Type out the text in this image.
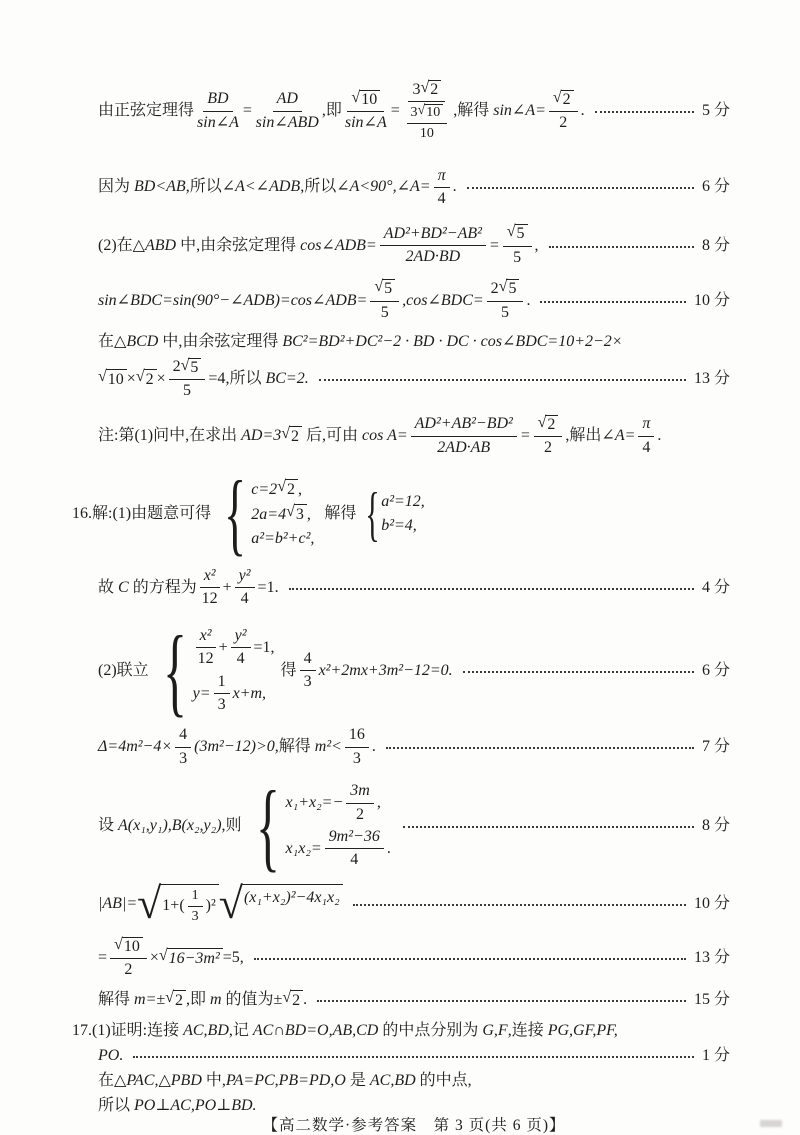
由正弦定理得 $\frac{BD}{\sin\angle A}$ =
AD
sin∠ABD
,即 $\frac{√ 10}{\sin\angle A} = 3$ √ 2
3 √ 10
10 ,解得 sin∠A= $\frac{√ 2}{2}$ .	5 分
因为 BD<AB ,所以 ∠A<∠ADB ,所以 ∠A<90°,∠A= $\frac{\pi}{4}$ .	6 分
(2)在 △ABD 中,由余弦定理得 cos∠ADB= $\frac{\text{AD²+BD²−AB²}}{2AD\cdot BD} = \frac{√ 5}{5}$ ,	8 分
sin∠BDC=sin(90°−∠ADB)=cos∠ADB= $\frac{√ 5}{5}$ ,cos∠BDC= $\frac{2 √ 5}{5}$ .	10 分
在 △BCD 中,由余弦定理得 BC²=BD²+DC²−2 · BD · DC · cos∠BDC=10+2−2×
√ 10 × √ $2 \times \frac{2 √ 5}{5} =4$ ,所以 BC=2.	13 分
注:第(1)问中,在求出 AD=3 √ 2 后,可由 $\cos A= \frac{\text{AD²+AB²−BD²}}{2AD\cdot AB} = \frac{√ 2}{2}$ ,解出 ∠A= $\frac{\pi}{4}$ .
16. 解:(1)由题意可得 { c=2 √ 2 ,
2a=4 √ 3 ,
a²=b²+c²,
解得 { a²=12,
b²=4,
故 C 的方程为
x²
12
+ $\frac{\text{y²}}{4} =1$.	4 分
(2)联立 { x²
12
+ $\frac{\text{y²}}{4} =1$,
$y= \frac{1}{3} x+m$,
得
4
3
x²+2mx+3m²−12=0.	6 分
$\Delta=4m^2-4\times \frac{4}{3} (3m^2-12)>0$ ,解得 m²<
16
3
.	7 分
设 A(x₁,y₁),B(x₂,y₂) ,则 { $x_1+x_2=- \frac{3m}{2}$ ,
$x_1x_2= \frac{\text{9m²−36}}{4}$ .
8 分
|AB|= √ 1+(
1
3
)² √ (x₁+x₂)²−4x₁x₂	10 分
= $\frac{√ 10}{2}$ × √ 16−3m² =5,	13 分
解得 m=± √ 2 ,即 m 的值为± √ 2 .	15 分
17. (1)证明:连接 AC,BD ,记 AC∩BD=O,AB,CD 的中点分别为 G,F ,连接 PG,GF,PF,
PO.	1 分
在 △PAC,△PBD 中, PA=PC,PB=PD,O 是 AC,BD 的中点,
所以 PO⊥AC,PO⊥BD.
【高二数学·参考答案　第 3 页(共 6 页)】
